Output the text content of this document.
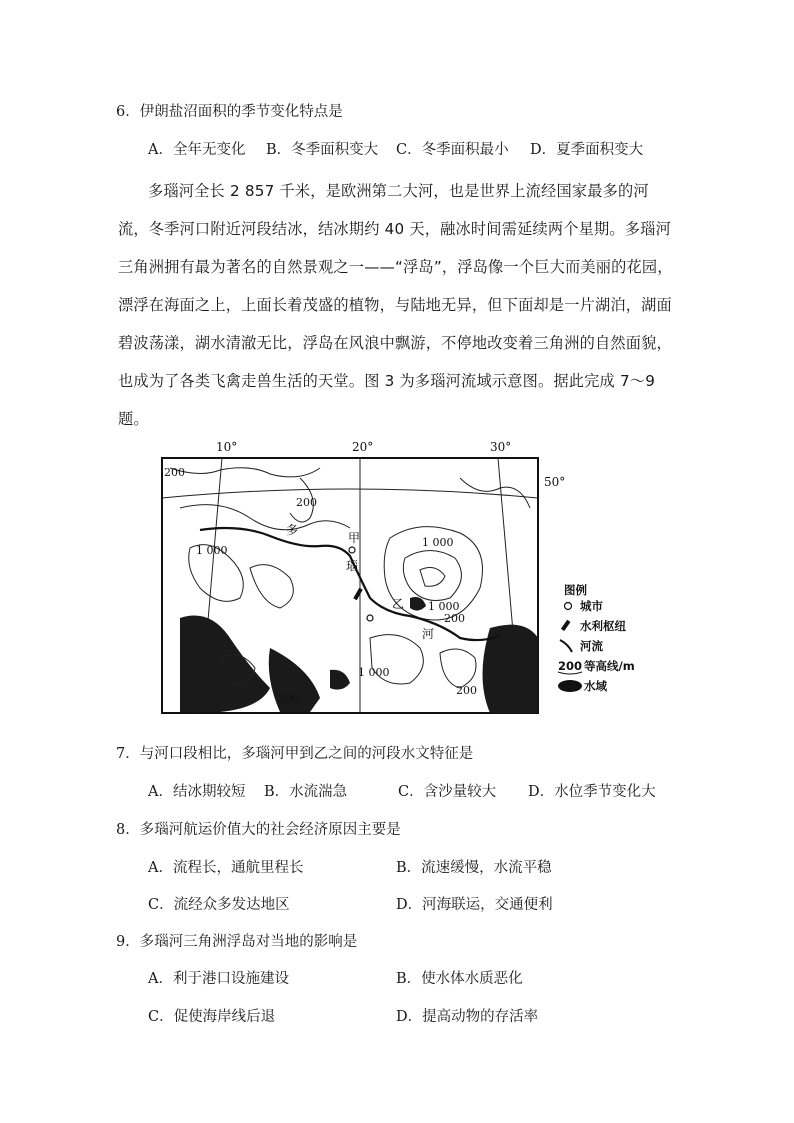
6．伊朗盐沼面积的季节变化特点是
A．全年无变化 B．冬季面积变大 C．冬季面积最小 D．夏季面积变大

多瑙河全长 2 857 千米，是欧洲第二大河，也是世界上流经国家最多的河流，冬季河口附近河段结冰，结冰期约 40 天，融冰时间需延续两个星期。多瑙河三角洲拥有最为著名的自然景观之一——“浮岛”，浮岛像一个巨大而美丽的花园，漂浮在海面之上，上面长着茂盛的植物，与陆地无异，但下面却是一片湖泊，湖面碧波荡漾，湖水清澈无比，浮岛在风浪中飘游，不停地改变着三角洲的自然面貌，也成为了各类飞禽走兽生活的天堂。图 3 为多瑙河流域示意图。据此完成 7～9 题。

10°	20°	30°
50°
200
200
1 000
1 000
1 000
200
1 000
200
200
多
甲
瑙
乙
河
图例
城市
水利枢纽
河流
200 等高线/m
水域
7．与河口段相比，多瑙河甲到乙之间的河段水文特征是
A．结冰期较短 B．水流湍急	C．含沙量较大 D．水位季节变化大
8．多瑙河航运价值大的社会经济原因主要是
A．流程长，通航里程长	B．流速缓慢，水流平稳
C．流经众多发达地区	D．河海联运，交通便利
9．多瑙河三角洲浮岛对当地的影响是
A．利于港口设施建设	B．使水体水质恶化
C．促使海岸线后退	D．提高动物的存活率
